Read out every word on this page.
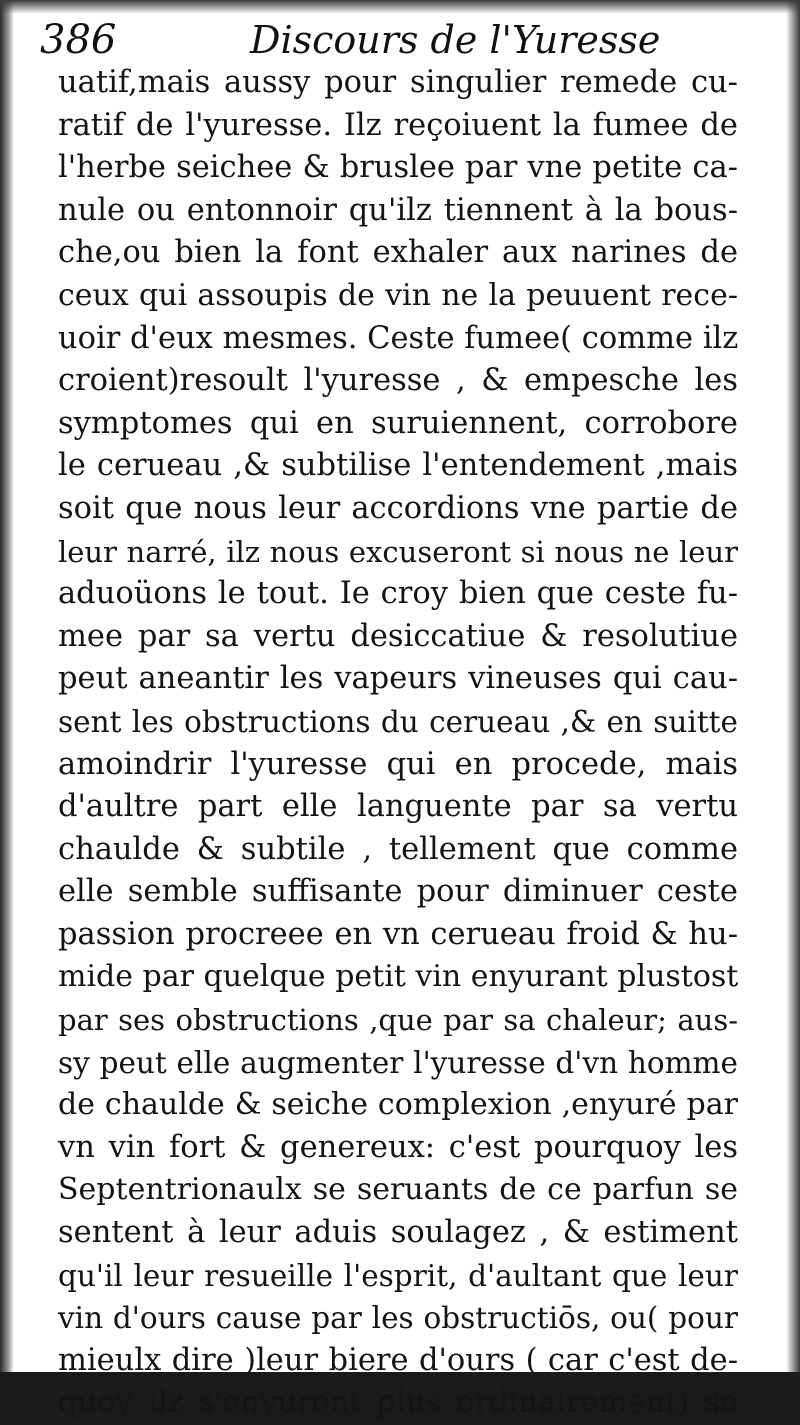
386	Discours de l'Yuresse
uatif,mais aussy pour singulier remede cu-
ratif de l'yuresse. Ilz reçoiuent la fumee de
l'herbe seichee & bruslee par vne petite ca-
nule ou entonnoir qu'ilz tiennent à la bous-
che,ou bien la font exhaler aux narines de
ceux qui assoupis de vin ne la peuuent rece-
uoir d'eux mesmes. Ceste fumee( comme ilz
croient)resoult l'yuresse , & empesche les
symptomes qui en suruiennent, corrobore
le cerueau ,& subtilise l'entendement ,mais
soit que nous leur accordions vne partie de
leur narré, ilz nous excuseront si nous ne leur
aduoüons le tout. Ie croy bien que ceste fu-
mee par sa vertu desiccatiue & resolutiue
peut aneantir les vapeurs vineuses qui cau-
sent les obstructions du cerueau ,& en suitte
amoindrir l'yuresse qui en procede, mais
d'aultre part elle languente par sa vertu
chaulde & subtile , tellement que comme
elle semble suffisante pour diminuer ceste
passion procreee en vn cerueau froid & hu-
mide par quelque petit vin enyurant plustost
par ses obstructions ,que par sa chaleur; aus-
sy peut elle augmenter l'yuresse d'vn homme
de chaulde & seiche complexion ,enyuré par
vn vin fort & genereux: c'est pourquoy les
Septentrionaulx se seruants de ce parfun se
sentent à leur aduis soulagez , & estiment
qu'il leur resueille l'esprit, d'aultant que leur
vin d'ours cause par les obstructiōs, ou( pour
mieulx dire )leur biere d'ours ( car c'est de-
quoy ilz s'enyurent plus ordinairement) se
